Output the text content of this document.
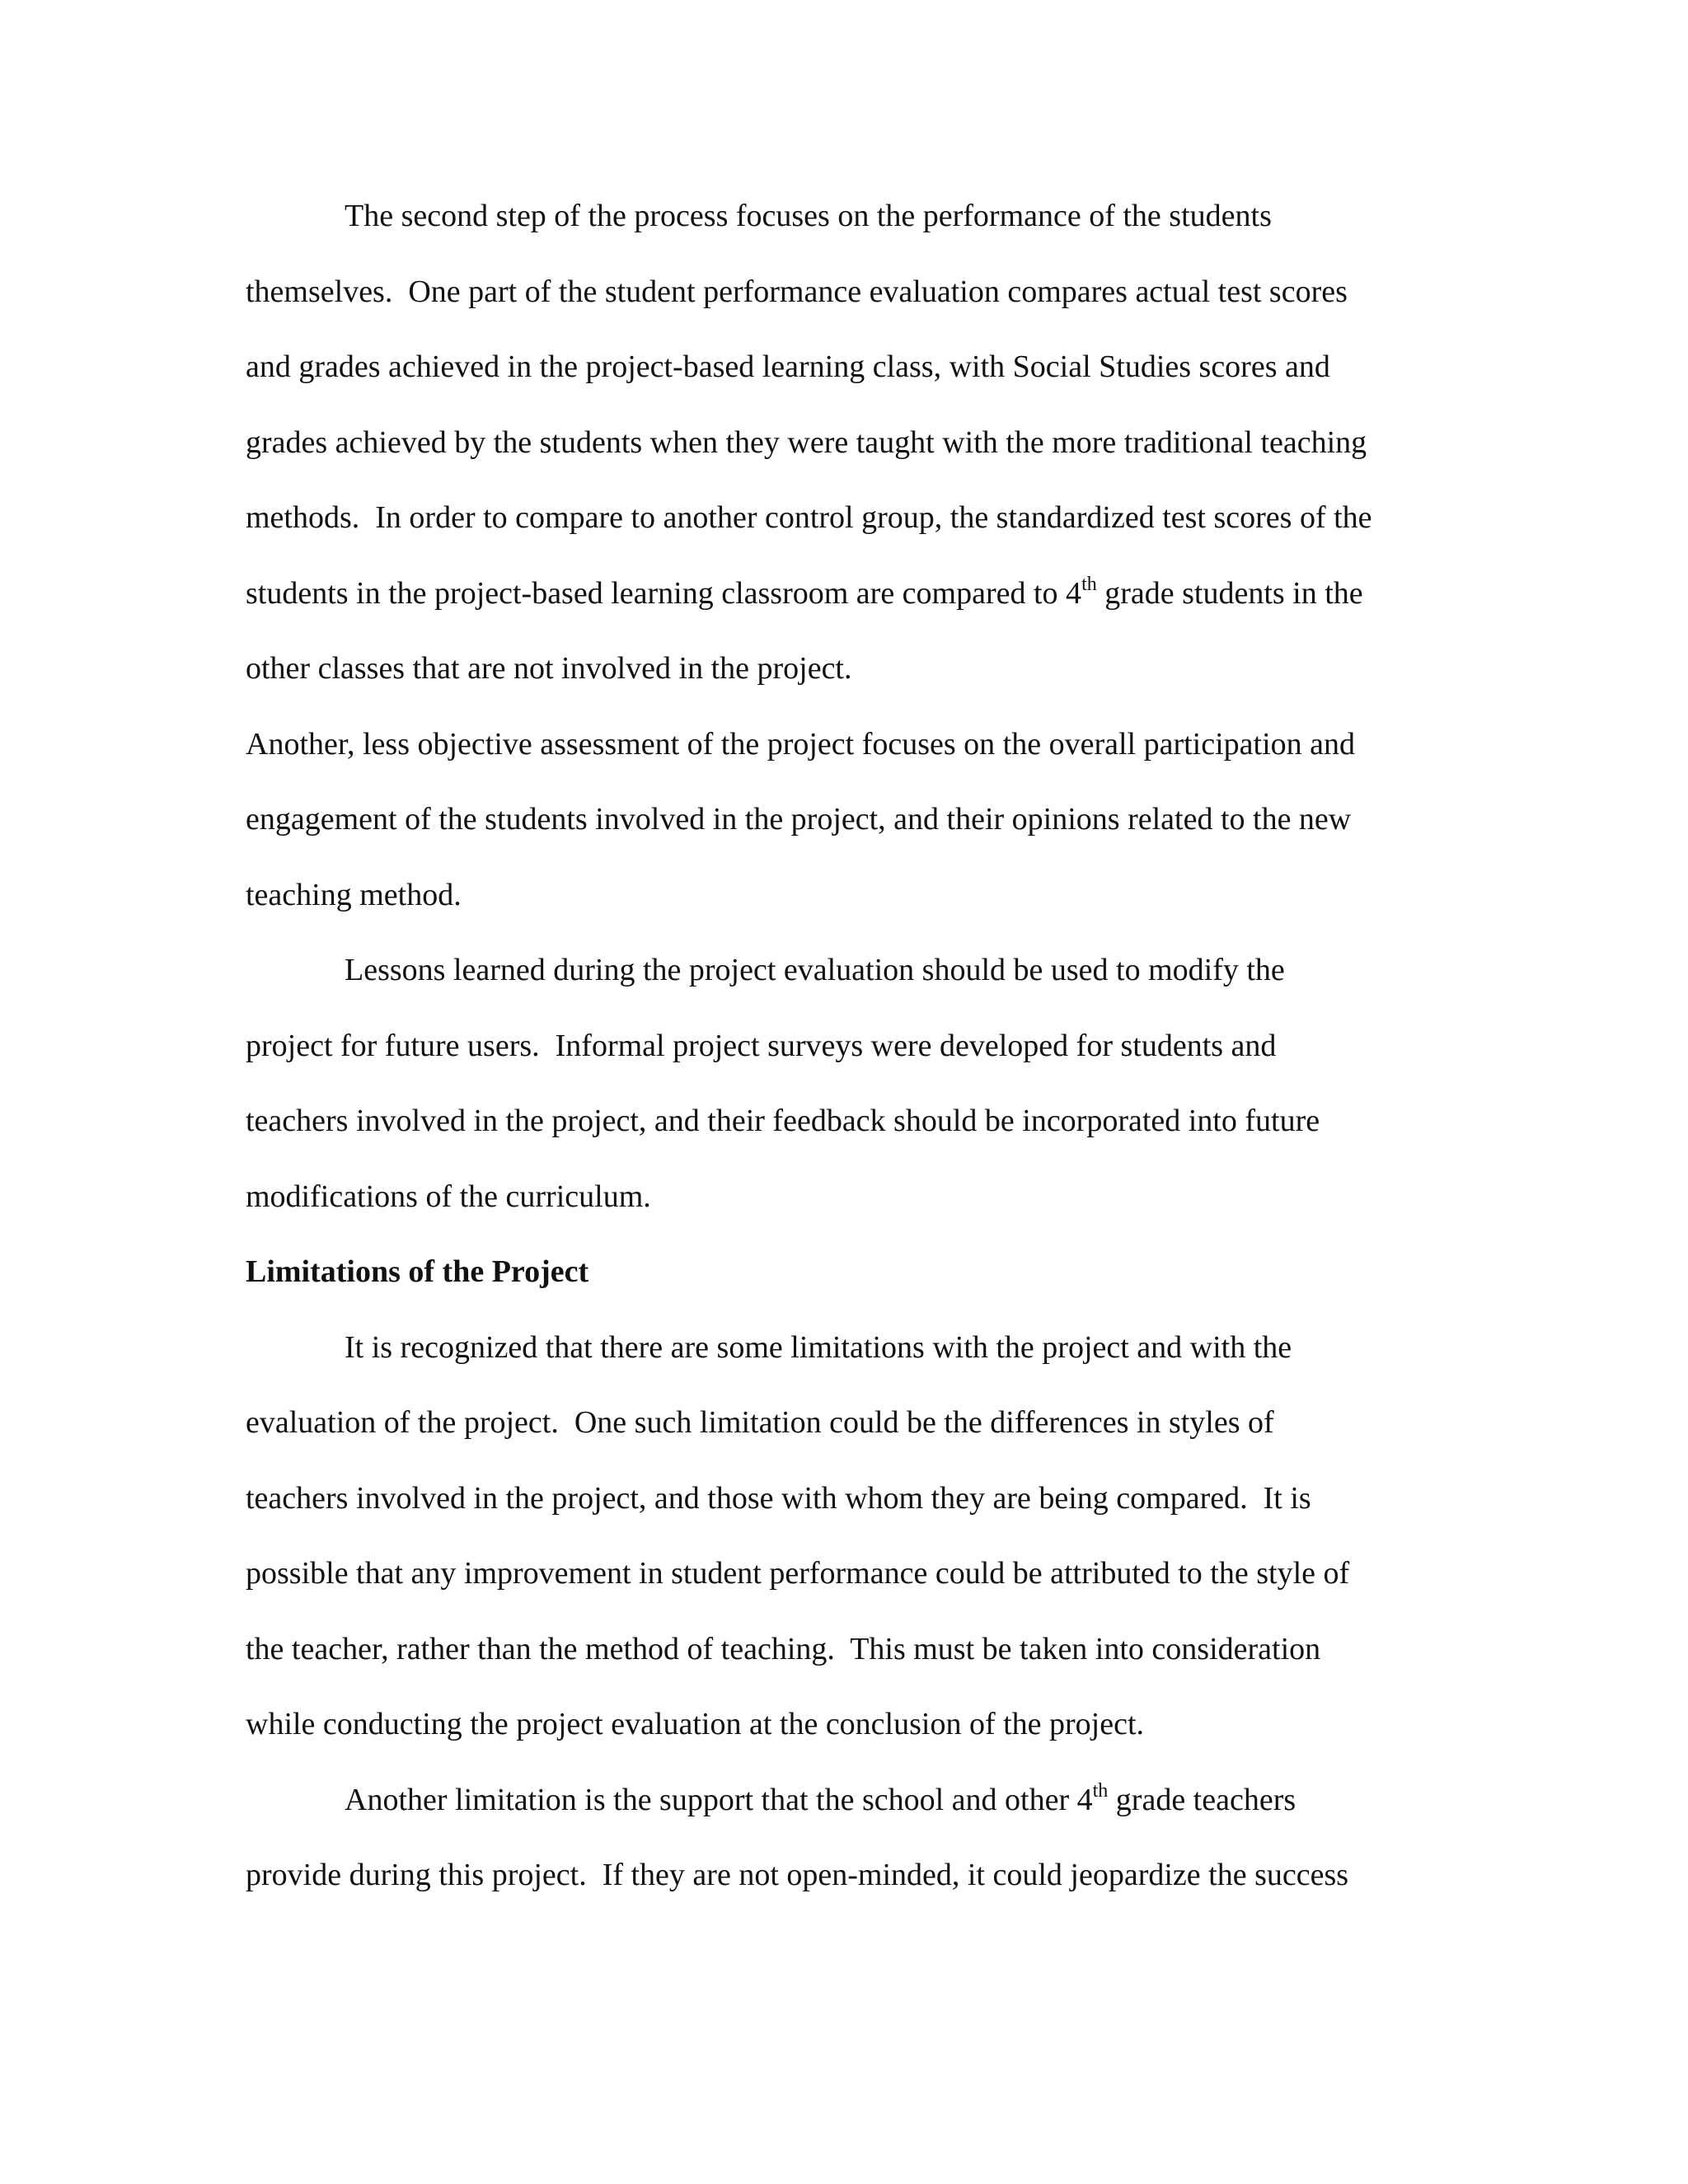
The second step of the process focuses on the performance of the students
themselves.  One part of the student performance evaluation compares actual test scores
and grades achieved in the project-based learning class, with Social Studies scores and
grades achieved by the students when they were taught with the more traditional teaching
methods.  In order to compare to another control group, the standardized test scores of the
students in the project-based learning classroom are compared to 4th grade students in the
other classes that are not involved in the project.
Another, less objective assessment of the project focuses on the overall participation and
engagement of the students involved in the project, and their opinions related to the new
teaching method.
Lessons learned during the project evaluation should be used to modify the
project for future users.  Informal project surveys were developed for students and
teachers involved in the project, and their feedback should be incorporated into future
modifications of the curriculum.
Limitations of the Project
It is recognized that there are some limitations with the project and with the
evaluation of the project.  One such limitation could be the differences in styles of
teachers involved in the project, and those with whom they are being compared.  It is
possible that any improvement in student performance could be attributed to the style of
the teacher, rather than the method of teaching.  This must be taken into consideration
while conducting the project evaluation at the conclusion of the project.
Another limitation is the support that the school and other 4th grade teachers
provide during this project.  If they are not open-minded, it could jeopardize the success
